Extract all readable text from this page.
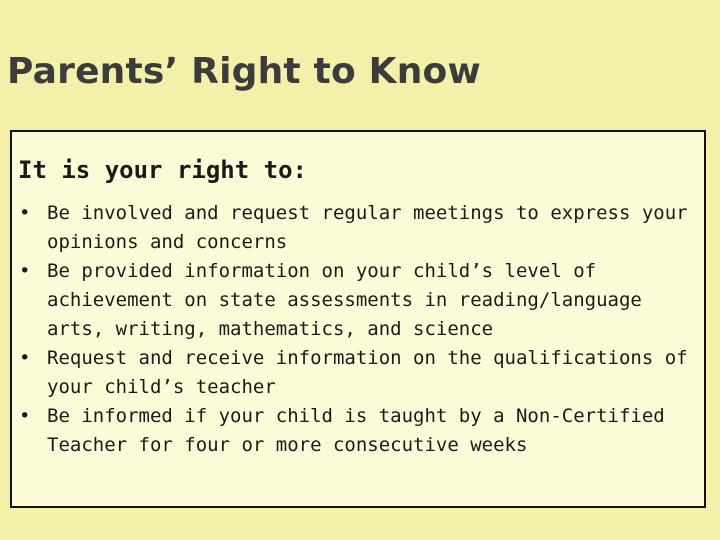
Parents’ Right to Know
It is your right to:
• Be involved and request regular meetings to express your opinions and concerns
• Be provided information on your child’s level of achievement on state assessments in reading/language arts, writing, mathematics, and science
• Request and receive information on the qualifications of your child’s teacher
• Be informed if your child is taught by a Non-Certified Teacher for four or more consecutive weeks
